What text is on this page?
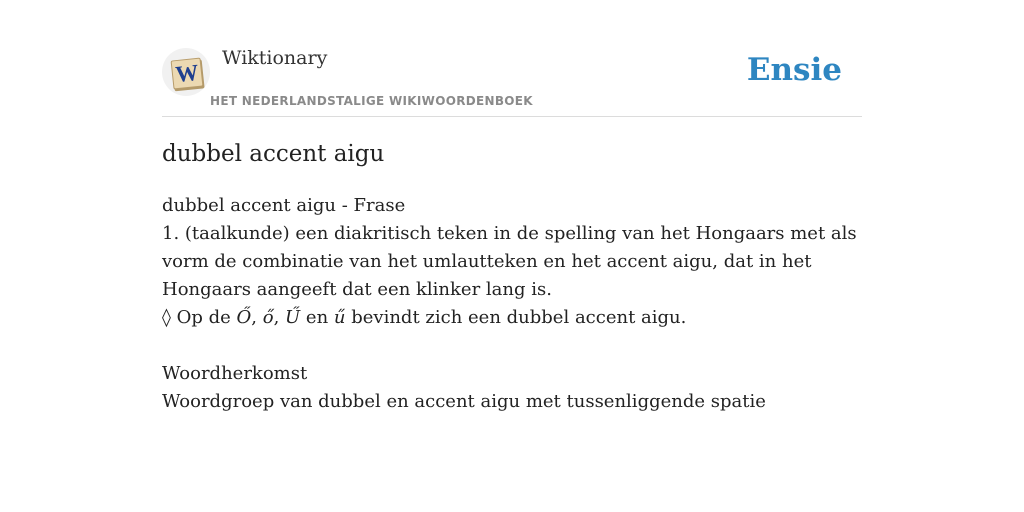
W
Wiktionary
HET NEDERLANDSTALIGE WIKIWOORDENBOEK
Ensie
dubbel accent aigu
dubbel accent aigu - Frase
1. (taalkunde) een diakritisch teken in de spelling van het Hongaars met als vorm de combinatie van het umlautteken en het accent aigu, dat in het Hongaars aangeeft dat een klinker lang is.
◊ Op de Ő, ő, Ű en ű bevindt zich een dubbel accent aigu.
Woordherkomst
Woordgroep van dubbel en accent aigu met tussenliggende spatie
